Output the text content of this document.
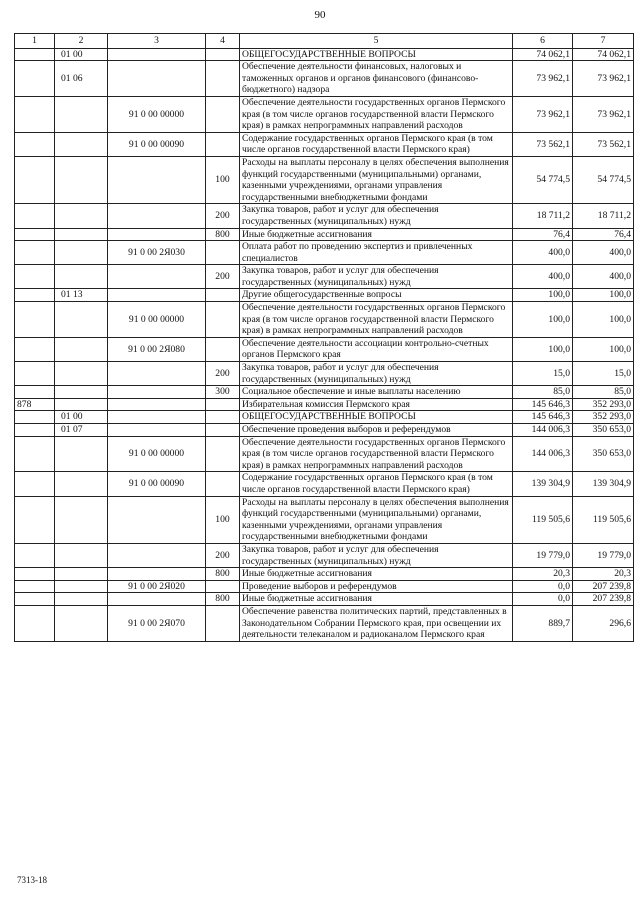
90
1	2	3	4	5	6	7
	01 00			ОБЩЕГОСУДАРСТВЕННЫЕ ВОПРОСЫ	74 062,1	74 062,1
	01 06			Обеспечение деятельности финансовых, налоговых и таможенных органов и органов финансового (финансово-бюджетного) надзора	73 962,1	73 962,1
		91 0 00 00000		Обеспечение деятельности государственных органов Пермского края (в том числе органов государственной власти Пермского края) в рамках непрограммных направлений расходов	73 962,1	73 962,1
		91 0 00 00090		Содержание государственных органов Пермского края (в том числе органов государственной власти Пермского края)	73 562,1	73 562,1
			100	Расходы на выплаты персоналу в целях обеспечения выполнения функций государственными (муниципальными) органами, казенными учреждениями, органами управления государственными внебюджетными фондами	54 774,5	54 774,5
			200	Закупка товаров, работ и услуг для обеспечения государственных (муниципальных) нужд	18 711,2	18 711,2
			800	Иные бюджетные ассигнования	76,4	76,4
		91 0 00 2Я030		Оплата работ по проведению экспертиз и привлеченных специалистов	400,0	400,0
			200	Закупка товаров, работ и услуг для обеспечения государственных (муниципальных) нужд	400,0	400,0
	01 13			Другие общегосударственные вопросы	100,0	100,0
		91 0 00 00000		Обеспечение деятельности государственных органов Пермского края (в том числе органов государственной власти Пермского края) в рамках непрограммных направлений расходов	100,0	100,0
		91 0 00 2Я080		Обеспечение деятельности ассоциации контрольно-счетных органов Пермского края	100,0	100,0
			200	Закупка товаров, работ и услуг для обеспечения государственных (муниципальных) нужд	15,0	15,0
			300	Социальное обеспечение и иные выплаты населению	85,0	85,0
878				Избирательная комиссия Пермского края	145 646,3	352 293,0
	01 00			ОБЩЕГОСУДАРСТВЕННЫЕ ВОПРОСЫ	145 646,3	352 293,0
	01 07			Обеспечение проведения выборов и референдумов	144 006,3	350 653,0
		91 0 00 00000		Обеспечение деятельности государственных органов Пермского края (в том числе органов государственной власти Пермского края) в рамках непрограммных направлений расходов	144 006,3	350 653,0
		91 0 00 00090		Содержание государственных органов Пермского края (в том числе органов государственной власти Пермского края)	139 304,9	139 304,9
			100	Расходы на выплаты персоналу в целях обеспечения выполнения функций государственными (муниципальными) органами, казенными учреждениями, органами управления государственными внебюджетными фондами	119 505,6	119 505,6
			200	Закупка товаров, работ и услуг для обеспечения государственных (муниципальных) нужд	19 779,0	19 779,0
			800	Иные бюджетные ассигнования	20,3	20,3
		91 0 00 2Я020		Проведение выборов и референдумов	0,0	207 239,8
			800	Иные бюджетные ассигнования	0,0	207 239,8
		91 0 00 2Я070		Обеспечение равенства политических партий, представленных в Законодательном Собрании Пермского края, при освещении их деятельности телеканалом и радиоканалом Пермского края	889,7	296,6
7313-18
